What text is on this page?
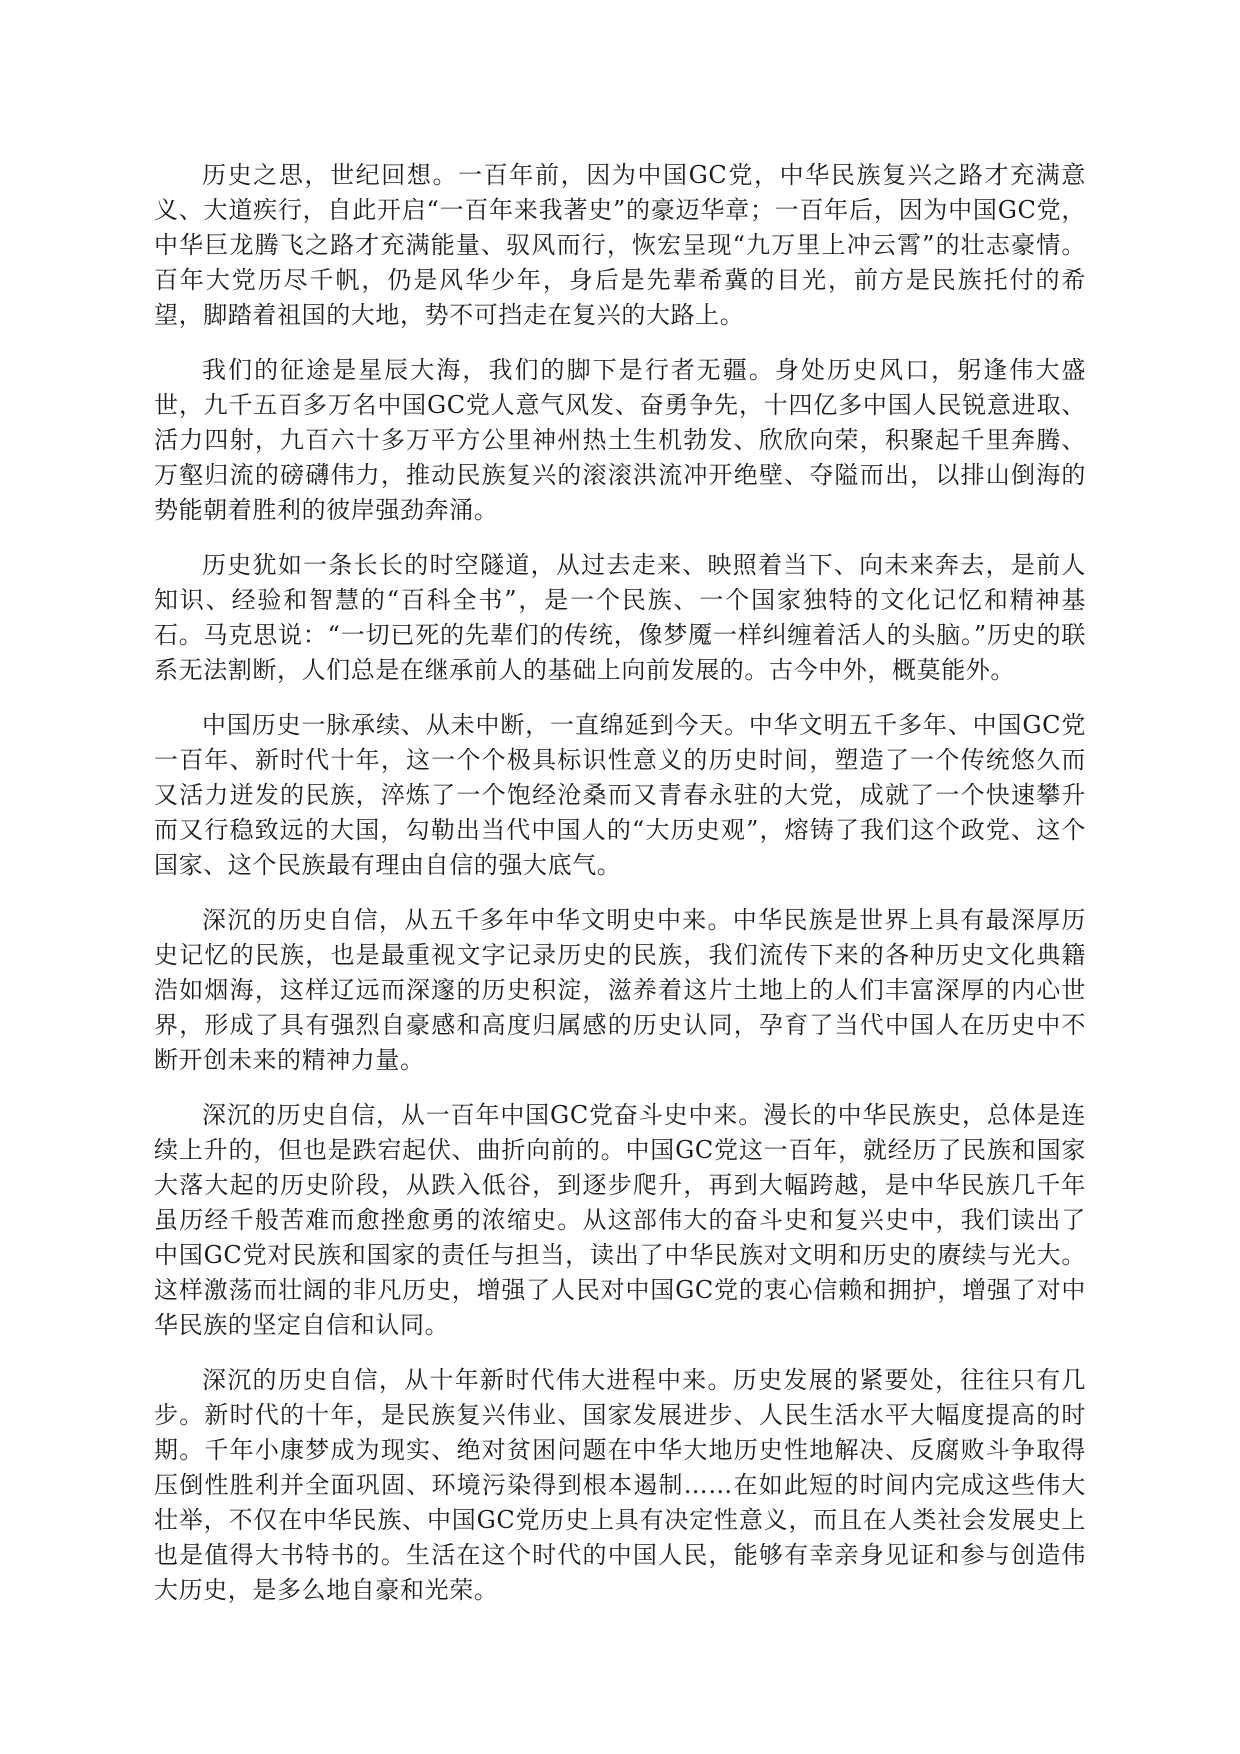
历史之思，世纪回想。一百年前，因为中国GC党，中华民族复兴之路才充满意义、大道疾行，自此开启“一百年来我著史”的豪迈华章；一百年后，因为中国GC党，中华巨龙腾飞之路才充满能量、驭风而行，恢宏呈现“九万里上冲云霄”的壮志豪情。百年大党历尽千帆，仍是风华少年，身后是先辈希冀的目光，前方是民族托付的希望，脚踏着祖国的大地，势不可挡走在复兴的大路上。

我们的征途是星辰大海，我们的脚下是行者无疆。身处历史风口，躬逢伟大盛世，九千五百多万名中国GC党人意气风发、奋勇争先，十四亿多中国人民锐意进取、活力四射，九百六十多万平方公里神州热土生机勃发、欣欣向荣，积聚起千里奔腾、万壑归流的磅礴伟力，推动民族复兴的滚滚洪流冲开绝壁、夺隘而出，以排山倒海的势能朝着胜利的彼岸强劲奔涌。

历史犹如一条长长的时空隧道，从过去走来、映照着当下、向未来奔去，是前人知识、经验和智慧的“百科全书”，是一个民族、一个国家独特的文化记忆和精神基石。马克思说：“一切已死的先辈们的传统，像梦魇一样纠缠着活人的头脑。”历史的联系无法割断，人们总是在继承前人的基础上向前发展的。古今中外，概莫能外。

中国历史一脉承续、从未中断，一直绵延到今天。中华文明五千多年、中国GC党一百年、新时代十年，这一个个极具标识性意义的历史时间，塑造了一个传统悠久而又活力迸发的民族，淬炼了一个饱经沧桑而又青春永驻的大党，成就了一个快速攀升而又行稳致远的大国，勾勒出当代中国人的“大历史观”，熔铸了我们这个政党、这个国家、这个民族最有理由自信的强大底气。

深沉的历史自信，从五千多年中华文明史中来。中华民族是世界上具有最深厚历史记忆的民族，也是最重视文字记录历史的民族，我们流传下来的各种历史文化典籍浩如烟海，这样辽远而深邃的历史积淀，滋养着这片土地上的人们丰富深厚的内心世界，形成了具有强烈自豪感和高度归属感的历史认同，孕育了当代中国人在历史中不断开创未来的精神力量。

深沉的历史自信，从一百年中国GC党奋斗史中来。漫长的中华民族史，总体是连续上升的，但也是跌宕起伏、曲折向前的。中国GC党这一百年，就经历了民族和国家大落大起的历史阶段，从跌入低谷，到逐步爬升，再到大幅跨越，是中华民族几千年虽历经千般苦难而愈挫愈勇的浓缩史。从这部伟大的奋斗史和复兴史中，我们读出了中国GC党对民族和国家的责任与担当，读出了中华民族对文明和历史的赓续与光大。这样激荡而壮阔的非凡历史，增强了人民对中国GC党的衷心信赖和拥护，增强了对中华民族的坚定自信和认同。

深沉的历史自信，从十年新时代伟大进程中来。历史发展的紧要处，往往只有几步。新时代的十年，是民族复兴伟业、国家发展进步、人民生活水平大幅度提高的时期。千年小康梦成为现实、绝对贫困问题在中华大地历史性地解决、反腐败斗争取得压倒性胜利并全面巩固、环境污染得到根本遏制……在如此短的时间内完成这些伟大壮举，不仅在中华民族、中国GC党历史上具有决定性意义，而且在人类社会发展史上也是值得大书特书的。生活在这个时代的中国人民，能够有幸亲身见证和参与创造伟大历史，是多么地自豪和光荣。
